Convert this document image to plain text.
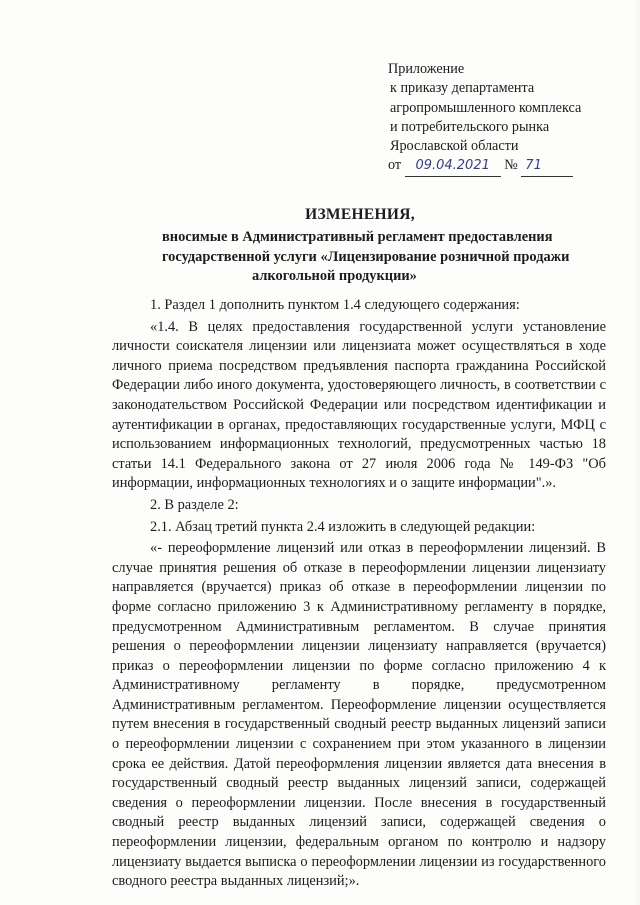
Приложение
к приказу департамента
агропромышленного комплекса
и потребительского рынка
Ярославской области
от 09.04.2021 № 71
ИЗМЕНЕНИЯ,
вносимые в Административный регламент предоставления
государственной услуги «Лицензирование розничной продажи
алкогольной продукции»
1. Раздел 1 дополнить пунктом 1.4 следующего содержания:
«1.4. В целях предоставления государственной услуги установление личности соискателя лицензии или лицензиата может осуществляться в ходе личного приема посредством предъявления паспорта гражданина Российской Федерации либо иного документа, удостоверяющего личность, в соответствии с законодательством Российской Федерации или посредством идентификации и аутентификации в органах, предоставляющих государственные услуги, МФЦ с использованием информационных технологий, предусмотренных частью 18 статьи 14.1 Федерального закона от 27 июля 2006 года № 149-ФЗ "Об информации, информационных технологиях и о защите информации".».
2. В разделе 2:
2.1. Абзац третий пункта 2.4 изложить в следующей редакции:
«- переоформление лицензий или отказ в переоформлении лицензий. В случае принятия решения об отказе в переоформлении лицензии лицензиату направляется (вручается) приказ об отказе в переоформлении лицензии по форме согласно приложению 3 к Административному регламенту в порядке, предусмотренном Административным регламентом. В случае принятия решения о переоформлении лицензии лицензиату направляется (вручается) приказ о переоформлении лицензии по форме согласно приложению 4 к Административному регламенту в порядке, предусмотренном Административным регламентом. Переоформление лицензии осуществляется путем внесения в государственный сводный реестр выданных лицензий записи о переоформлении лицензии с сохранением при этом указанного в лицензии срока ее действия. Датой переоформления лицензии является дата внесения в государственный сводный реестр выданных лицензий записи, содержащей сведения о переоформлении лицензии. После внесения в государственный сводный реестр выданных лицензий записи, содержащей сведения о переоформлении лицензии, федеральным органом по контролю и надзору лицензиату выдается выписка о переоформлении лицензии из государственного сводного реестра выданных лицензий;».
